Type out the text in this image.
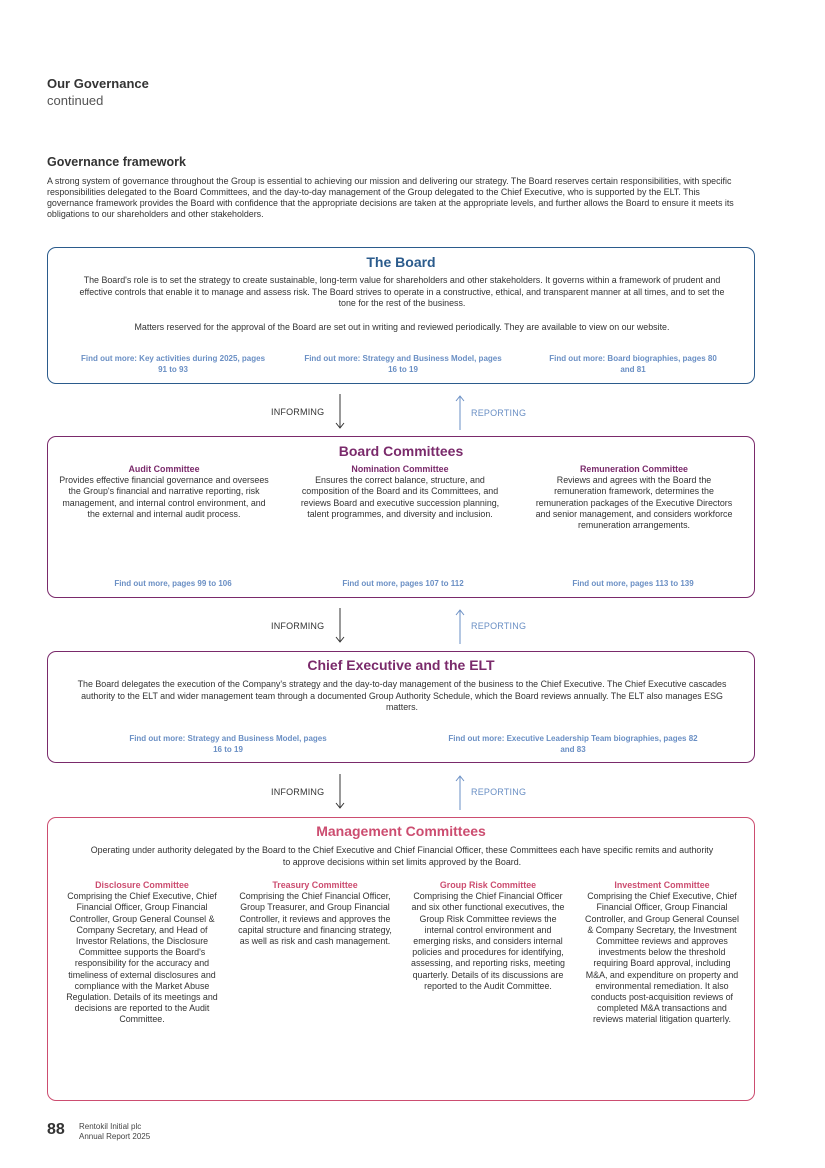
Our Governance
continued
Governance framework
A strong system of governance throughout the Group is essential to achieving our mission and delivering our strategy. The Board reserves certain responsibilities, with specific responsibilities delegated to the Board Committees, and the day-to-day management of the Group delegated to the Chief Executive, who is supported by the ELT. This governance framework provides the Board with confidence that the appropriate decisions are taken at the appropriate levels, and further allows the Board to ensure it meets its obligations to our shareholders and other stakeholders.
The Board
The Board's role is to set the strategy to create sustainable, long-term value for shareholders and other stakeholders. It governs within a framework of prudent and effective controls that enable it to manage and assess risk. The Board strives to operate in a constructive, ethical, and transparent manner at all times, and to set the tone for the rest of the business.
Matters reserved for the approval of the Board are set out in writing and reviewed periodically. They are available to view on our website.
Find out more: Key activities during 2025, pages 91 to 93
Find out more: Strategy and Business Model, pages 16 to 19
Find out more: Board biographies, pages 80 and 81
INFORMING	REPORTING
Board Committees
Audit Committee
Provides effective financial governance and oversees the Group's financial and narrative reporting, risk management, and internal control environment, and the external and internal audit process.
Nomination Committee
Ensures the correct balance, structure, and composition of the Board and its Committees, and reviews Board and executive succession planning, talent programmes, and diversity and inclusion.
Remuneration Committee
Reviews and agrees with the Board the remuneration framework, determines the remuneration packages of the Executive Directors and senior management, and considers workforce remuneration arrangements.
Find out more, pages 99 to 106	Find out more, pages 107 to 112	Find out more, pages 113 to 139
INFORMING	REPORTING
Chief Executive and the ELT
The Board delegates the execution of the Company's strategy and the day-to-day management of the business to the Chief Executive. The Chief Executive cascades authority to the ELT and wider management team through a documented Group Authority Schedule, which the Board reviews annually. The ELT also manages ESG matters.
Find out more: Strategy and Business Model, pages 16 to 19
Find out more: Executive Leadership Team biographies, pages 82 and 83
INFORMING	REPORTING
Management Committees
Operating under authority delegated by the Board to the Chief Executive and Chief Financial Officer, these Committees each have specific remits and authority to approve decisions within set limits approved by the Board.
Disclosure Committee
Comprising the Chief Executive, Chief Financial Officer, Group Financial Controller, Group General Counsel & Company Secretary, and Head of Investor Relations, the Disclosure Committee supports the Board's responsibility for the accuracy and timeliness of external disclosures and compliance with the Market Abuse Regulation. Details of its meetings and decisions are reported to the Audit Committee.
Treasury Committee
Comprising the Chief Financial Officer, Group Treasurer, and Group Financial Controller, it reviews and approves the capital structure and financing strategy, as well as risk and cash management.
Group Risk Committee
Comprising the Chief Financial Officer and six other functional executives, the Group Risk Committee reviews the internal control environment and emerging risks, and considers internal policies and procedures for identifying, assessing, and reporting risks, meeting quarterly. Details of its discussions are reported to the Audit Committee.
Investment Committee
Comprising the Chief Executive, Chief Financial Officer, Group Financial Controller, and Group General Counsel & Company Secretary, the Investment Committee reviews and approves investments below the threshold requiring Board approval, including M&A, and expenditure on property and environmental remediation. It also conducts post-acquisition reviews of completed M&A transactions and reviews material litigation quarterly.
88 Rentokil Initial plc
Annual Report 2025
